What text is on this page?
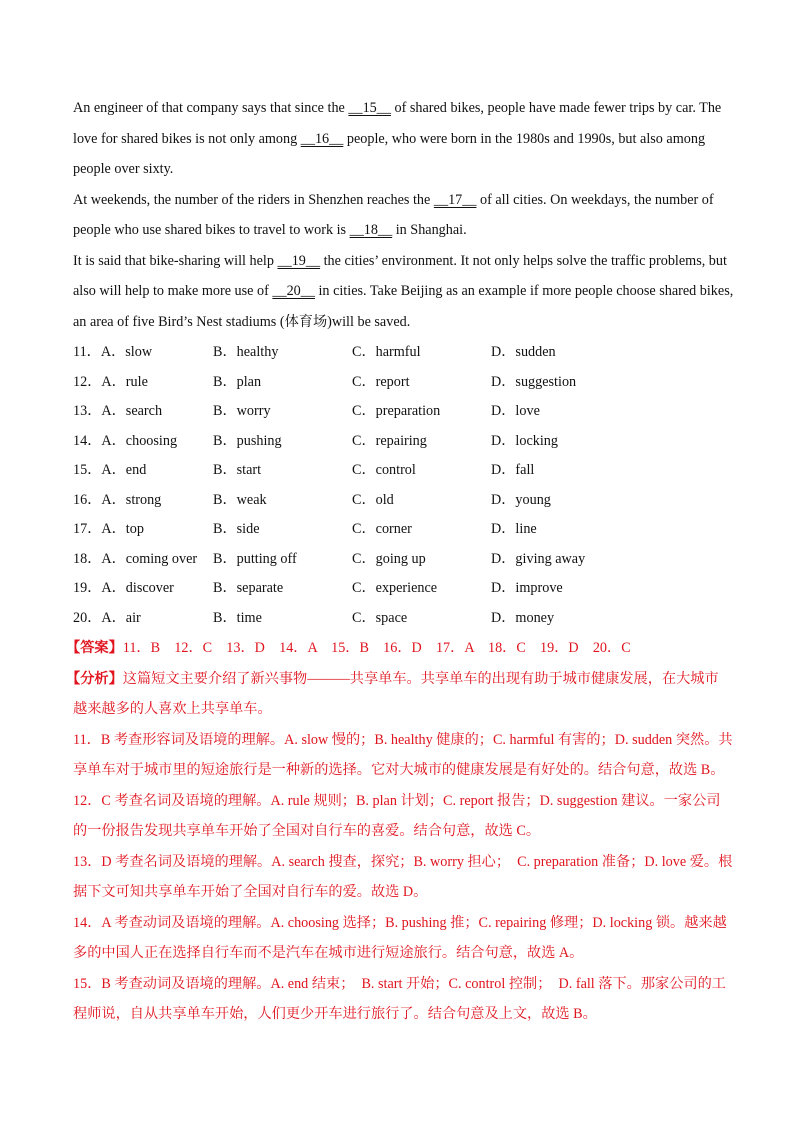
An engineer of that company says that since the __15__ of shared bikes, people have made fewer trips by car. The
love for shared bikes is not only among __16__ people, who were born in the 1980s and 1990s, but also among
people over sixty.
At weekends, the number of the riders in Shenzhen reaches the __17__ of all cities. On weekdays, the number of
people who use shared bikes to travel to work is __18__ in Shanghai.
It is said that bike-sharing will help __19__ the cities’ environment. It not only helps solve the traffic problems, but
also will help to make more use of __20__ in cities. Take Beijing as an example if more people choose shared bikes,
an area of five Bird’s Nest stadiums (体育场)will be saved.
11．A．slow	B．healthy	C．harmful	D．sudden
12．A．rule	B．plan	C．report	D．suggestion
13．A．search	B．worry	C．preparation	D．love
14．A．choosing	B．pushing	C．repairing	D．locking
15．A．end	B．start	C．control	D．fall
16．A．strong	B．weak	C．old	D．young
17．A．top	B．side	C．corner	D．line
18．A．coming over B．putting off	C．going up	D．giving away
19．A．discover	B．separate	C．experience	D．improve
20．A．air	B．time	C．space	D．money
【答案】11．B　12．C　13．D　14．A　15．B　16．D　17．A　18．C　19．D　20．C
【分析】这篇短文主要介绍了新兴事物———共享单车。共享单车的出现有助于城市健康发展，在大城市
越来越多的人喜欢上共享单车。
11．B 考查形容词及语境的理解。A. slow 慢的；B. healthy 健康的；C. harmful 有害的；D. sudden 突然。共
享单车对于城市里的短途旅行是一种新的选择。它对大城市的健康发展是有好处的。结合句意，故选 B。
12．C 考查名词及语境的理解。A. rule 规则；B. plan 计划；C. report 报告；D. suggestion 建议。一家公司
的一份报告发现共享单车开始了全国对自行车的喜爱。结合句意，故选 C。
13．D 考查名词及语境的理解。A. search 搜查，探究；B. worry 担心；　C. preparation 准备；D. love 爱。根
据下文可知共享单车开始了全国对自行车的爱。故选 D。
14．A 考查动词及语境的理解。A. choosing 选择；B. pushing 推；C. repairing 修理；D. locking 锁。越来越
多的中国人正在选择自行车而不是汽车在城市进行短途旅行。结合句意，故选 A。
15．B 考查动词及语境的理解。A. end 结束；　B. start 开始；C. control 控制；　D. fall 落下。那家公司的工
程师说，自从共享单车开始，人们更少开车进行旅行了。结合句意及上文，故选 B。
